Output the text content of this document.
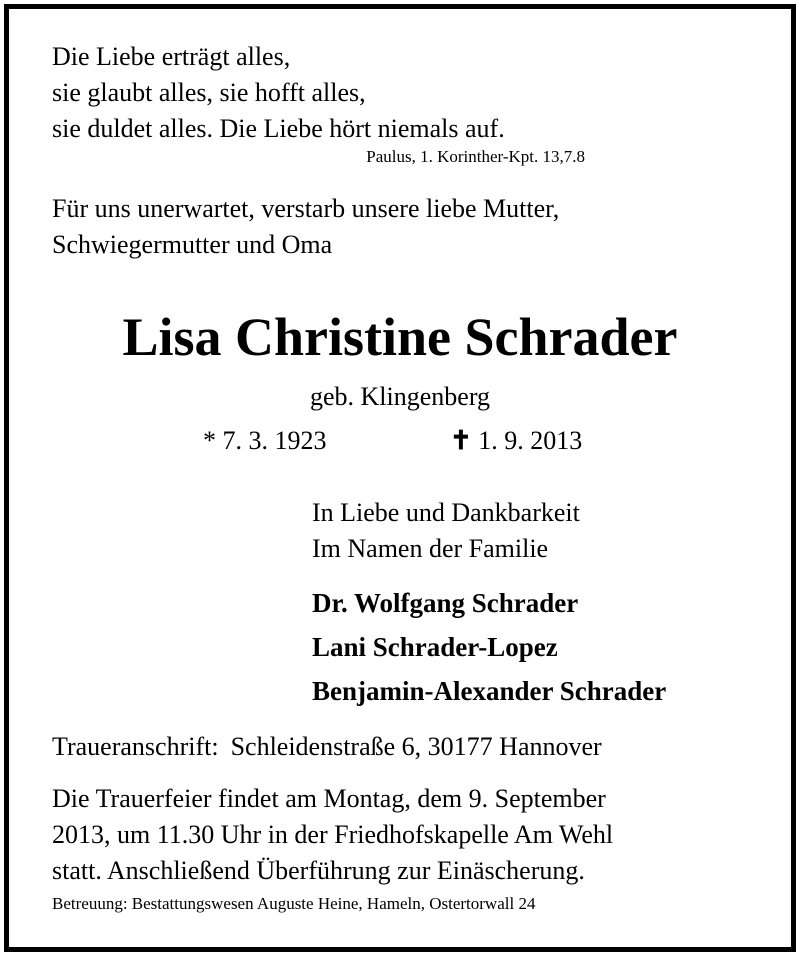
Die Liebe erträgt alles,
sie glaubt alles, sie hofft alles,
sie duldet alles. Die Liebe hört niemals auf.
Paulus, 1. Korinther-Kpt. 13,7.8
Für uns unerwartet, verstarb unsere liebe Mutter,
Schwiegermutter und Oma
Lisa Christine Schrader
geb. Klingenberg
* 7. 3. 1923	✝ 1. 9. 2013
In Liebe und Dankbarkeit
Im Namen der Familie
Dr. Wolfgang Schrader
Lani Schrader-Lopez
Benjamin-Alexander Schrader
Traueranschrift: Schleidenstraße 6, 30177 Hannover
Die Trauerfeier findet am Montag, dem 9. September
2013, um 11.30 Uhr in der Friedhofskapelle Am Wehl
statt. Anschließend Überführung zur Einäscherung.
Betreuung: Bestattungswesen Auguste Heine, Hameln, Ostertorwall 24
